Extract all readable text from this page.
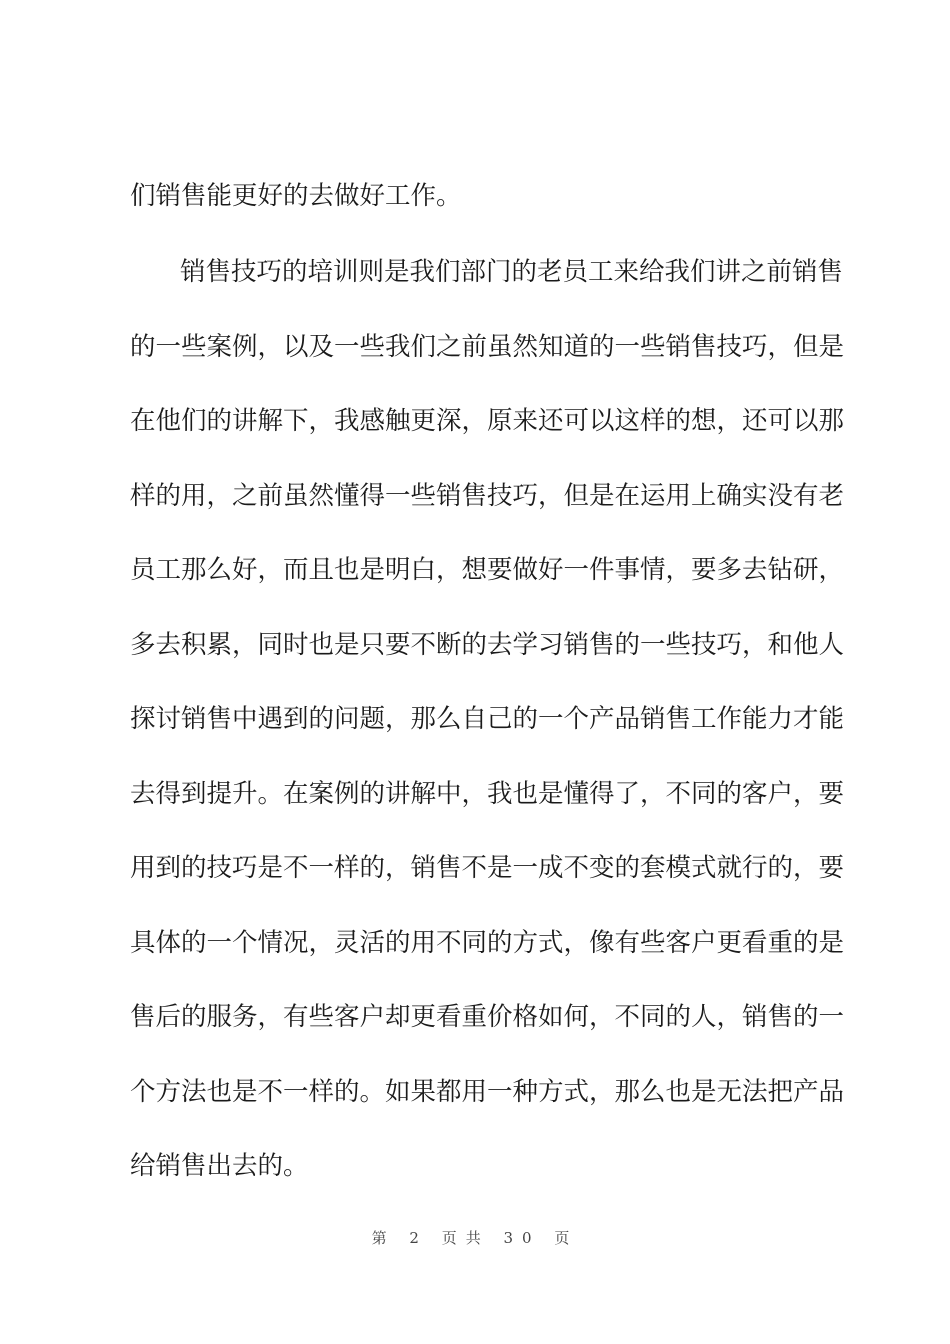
们销售能更好的去做好工作。
销售技巧的培训则是我们部门的老员工来给我们讲之前销售
的一些案例，以及一些我们之前虽然知道的一些销售技巧，但是
在他们的讲解下，我感触更深，原来还可以这样的想，还可以那
样的用，之前虽然懂得一些销售技巧，但是在运用上确实没有老
员工那么好，而且也是明白，想要做好一件事情，要多去钻研，
多去积累，同时也是只要不断的去学习销售的一些技巧，和他人
探讨销售中遇到的问题，那么自己的一个产品销售工作能力才能
去得到提升。在案例的讲解中，我也是懂得了，不同的客户，要
用到的技巧是不一样的，销售不是一成不变的套模式就行的，要
具体的一个情况，灵活的用不同的方式，像有些客户更看重的是
售后的服务，有些客户却更看重价格如何，不同的人，销售的一
个方法也是不一样的。如果都用一种方式，那么也是无法把产品
给销售出去的。
第 2 页共 30 页
